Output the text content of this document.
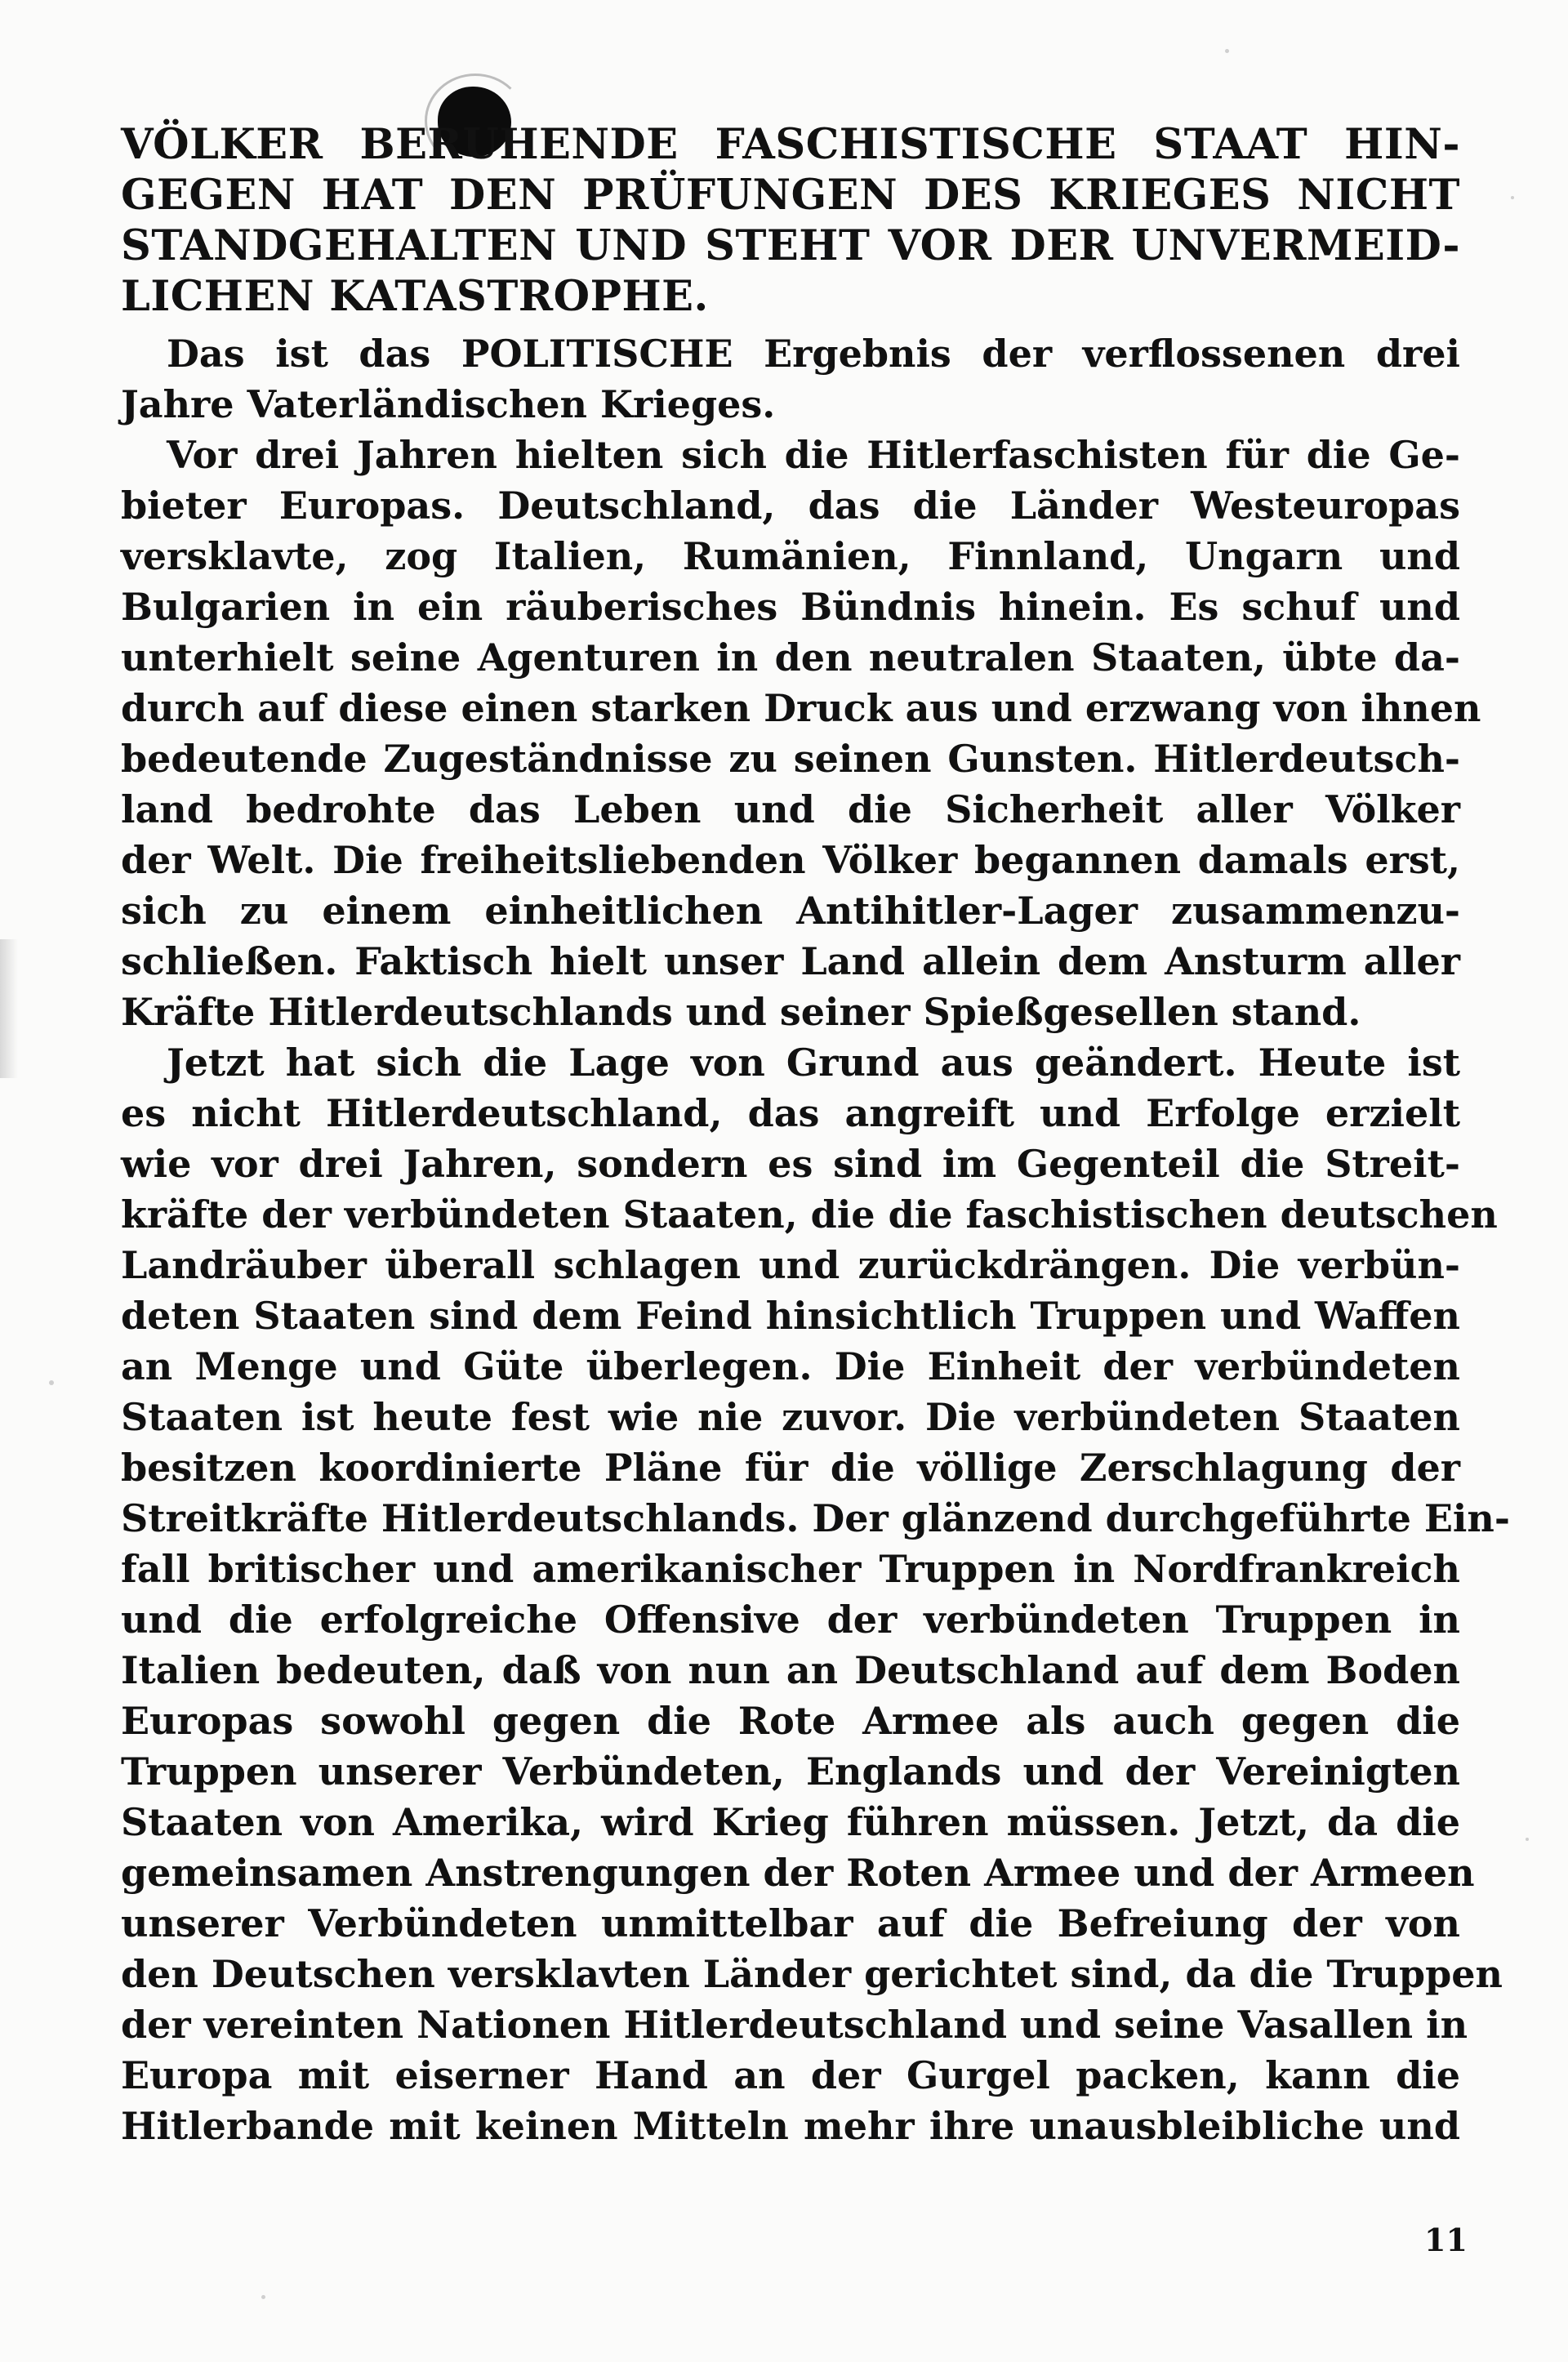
VÖLKER BERUHENDE FASCHISTISCHE STAAT HIN-

GEGEN HAT DEN PRÜFUNGEN DES KRIEGES NICHT

STANDGEHALTEN UND STEHT VOR DER UNVERMEID-

LICHEN KATASTROPHE.

Das ist das POLITISCHE Ergebnis der verflossenen drei

Jahre Vaterländischen Krieges.

Vor drei Jahren hielten sich die Hitlerfaschisten für die Ge-

bieter Europas. Deutschland, das die Länder Westeuropas

versklavte, zog Italien, Rumänien, Finnland, Ungarn und

Bulgarien in ein räuberisches Bündnis hinein. Es schuf und

unterhielt seine Agenturen in den neutralen Staaten, übte da-

durch auf diese einen starken Druck aus und erzwang von ihnen

bedeutende Zugeständnisse zu seinen Gunsten. Hitlerdeutsch-

land bedrohte das Leben und die Sicherheit aller Völker

der Welt. Die freiheitsliebenden Völker begannen damals erst,

sich zu einem einheitlichen Antihitler-Lager zusammenzu-

schließen. Faktisch hielt unser Land allein dem Ansturm aller

Kräfte Hitlerdeutschlands und seiner Spießgesellen stand.

Jetzt hat sich die Lage von Grund aus geändert. Heute ist

es nicht Hitlerdeutschland, das angreift und Erfolge erzielt

wie vor drei Jahren, sondern es sind im Gegenteil die Streit-

kräfte der verbündeten Staaten, die die faschistischen deutschen

Landräuber überall schlagen und zurückdrängen. Die verbün-

deten Staaten sind dem Feind hinsichtlich Truppen und Waffen

an Menge und Güte überlegen. Die Einheit der verbündeten

Staaten ist heute fest wie nie zuvor. Die verbündeten Staaten

besitzen koordinierte Pläne für die völlige Zerschlagung der

Streitkräfte Hitlerdeutschlands. Der glänzend durchgeführte Ein-

fall britischer und amerikanischer Truppen in Nordfrankreich

und die erfolgreiche Offensive der verbündeten Truppen in

Italien bedeuten, daß von nun an Deutschland auf dem Boden

Europas sowohl gegen die Rote Armee als auch gegen die

Truppen unserer Verbündeten, Englands und der Vereinigten

Staaten von Amerika, wird Krieg führen müssen. Jetzt, da die

gemeinsamen Anstrengungen der Roten Armee und der Armeen

unserer Verbündeten unmittelbar auf die Befreiung der von

den Deutschen versklavten Länder gerichtet sind, da die Truppen

der vereinten Nationen Hitlerdeutschland und seine Vasallen in

Europa mit eiserner Hand an der Gurgel packen, kann die

Hitlerbande mit keinen Mitteln mehr ihre unausbleibliche und

11
